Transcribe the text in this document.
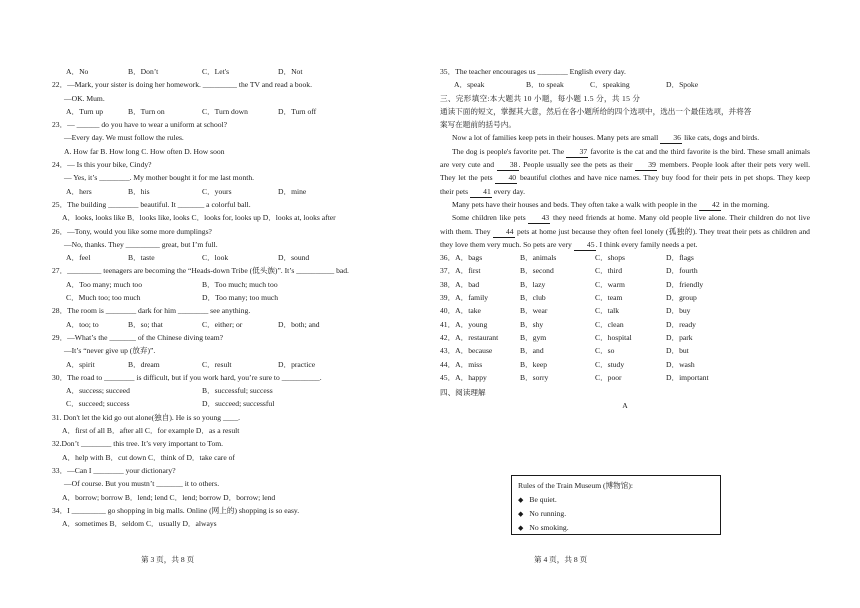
A．No	B．Don’t	C．Let's	D．Not
22．—Mark, your sister is doing her homework. _________ the TV and read a book.
—OK. Mum.
A．Turn up	B．Turn on	C．Turn down	D．Turn off
23．— ______ do you have to wear a uniform at school?
—Every day. We must follow the rules.
A. How far B. How long C. How often D. How soon
24．— Is this your bike, Cindy?
— Yes, it’s ________. My mother bought it for me last month.
A．hers	B．his	C．yours	D．mine
25．The building ________ beautiful. It _______ a colorful ball.
A．looks, looks like B．looks like, looks C．looks for, looks up D．looks at, looks after
26．—Tony, would you like some more dumplings?
—No, thanks. They _________ great, but I’m full.
A．feel	B．taste	C．look	D．sound
27．_________ teenagers are becoming the “Heads-down Tribe (低头族)”. It’s __________ bad.
A．Too many; much too	B．Too much; much too
C．Much too; too much	D．Too many; too much
28．The room is ________ dark for him ________ see anything.
A．too; to	B．so; that	C．either; or	D．both; and
29．—What’s the _______ of the Chinese diving team?
—It’s “never give up (放弃)”.
A．spirit	B．dream	C．result	D．practice
30．The road to ________ is difficult, but if you work hard, you’re sure to __________.
A．success; succeed	B．successful; success
C．succeed; success	D．succeed; successful
31. Don't let the kid go out alone(独自). He is so young ____.
A．first of all B．after all C．for example D．as a result
32.Don’t ________ this tree. It’s very important to Tom.
A．help with B．cut down C．think of D．take care of
33．—Can I ________ your dictionary?
—Of course. But you mustn’t _______ it to others.
A．borrow; borrow B．lend; lend C．lend; borrow D．borrow; lend
34．I _________ go shopping in big malls. Online (网上的) shopping is so easy.
A．sometimes B．seldom C．usually D．always
35．The teacher encourages us ________ English every day.
A．speak	B．to speak	C．speaking	D．Spoke
三、完形填空:本大题共 10 小题，每小题 1.5 分，共 15 分
通读下面的短文，掌握其大意，然后在各小题所给的四个选项中，选出一个最佳选项，并将答
案写在题前的括号内。
Now a lot of families keep pets in their houses. Many pets are small 36 like cats, dogs and birds.
The dog is people's favorite pet. The 37 favorite is the cat and the third favorite is the bird. These small animals are very cute and 38. People usually see the pets as their 39 members. People look after their pets very well. They let the pets 40 beautiful clothes and have nice names. They buy food for their pets in pet shops. They keep their pets 41 every day.
Many pets have their houses and beds. They often take a walk with people in the 42 in the morning.
Some children like pets 43 they need friends at home. Many old people live alone. Their children do not live with them. They 44 pets at home just because they often feel lonely (孤独的). They treat their pets as children and they love them very much. So pets are very 45. I think every family needs a pet.
36．A．bags	B．animals	C．shops	D．flags
37．A．first	B．second	C．third	D．fourth
38．A．bad	B．lazy	C．warm	D．friendly
39．A．family	B．club	C．team	D．group
40．A．take	B．wear	C．talk	D．buy
41．A．young	B．shy	C．clean	D．ready
42．A．restaurant	B．gym	C．hospital	D．park
43．A．because	B．and	C．so	D．but
44．A．miss	B．keep	C．study	D．wash
45．A．happy	B．sorry	C．poor	D．important
四、阅读理解
A
Rules of the Train Museum (博物馆):
◆ Be quiet.
◆ No running.
◆ No smoking.
第 3 页，共 8 页	第 4 页，共 8 页
